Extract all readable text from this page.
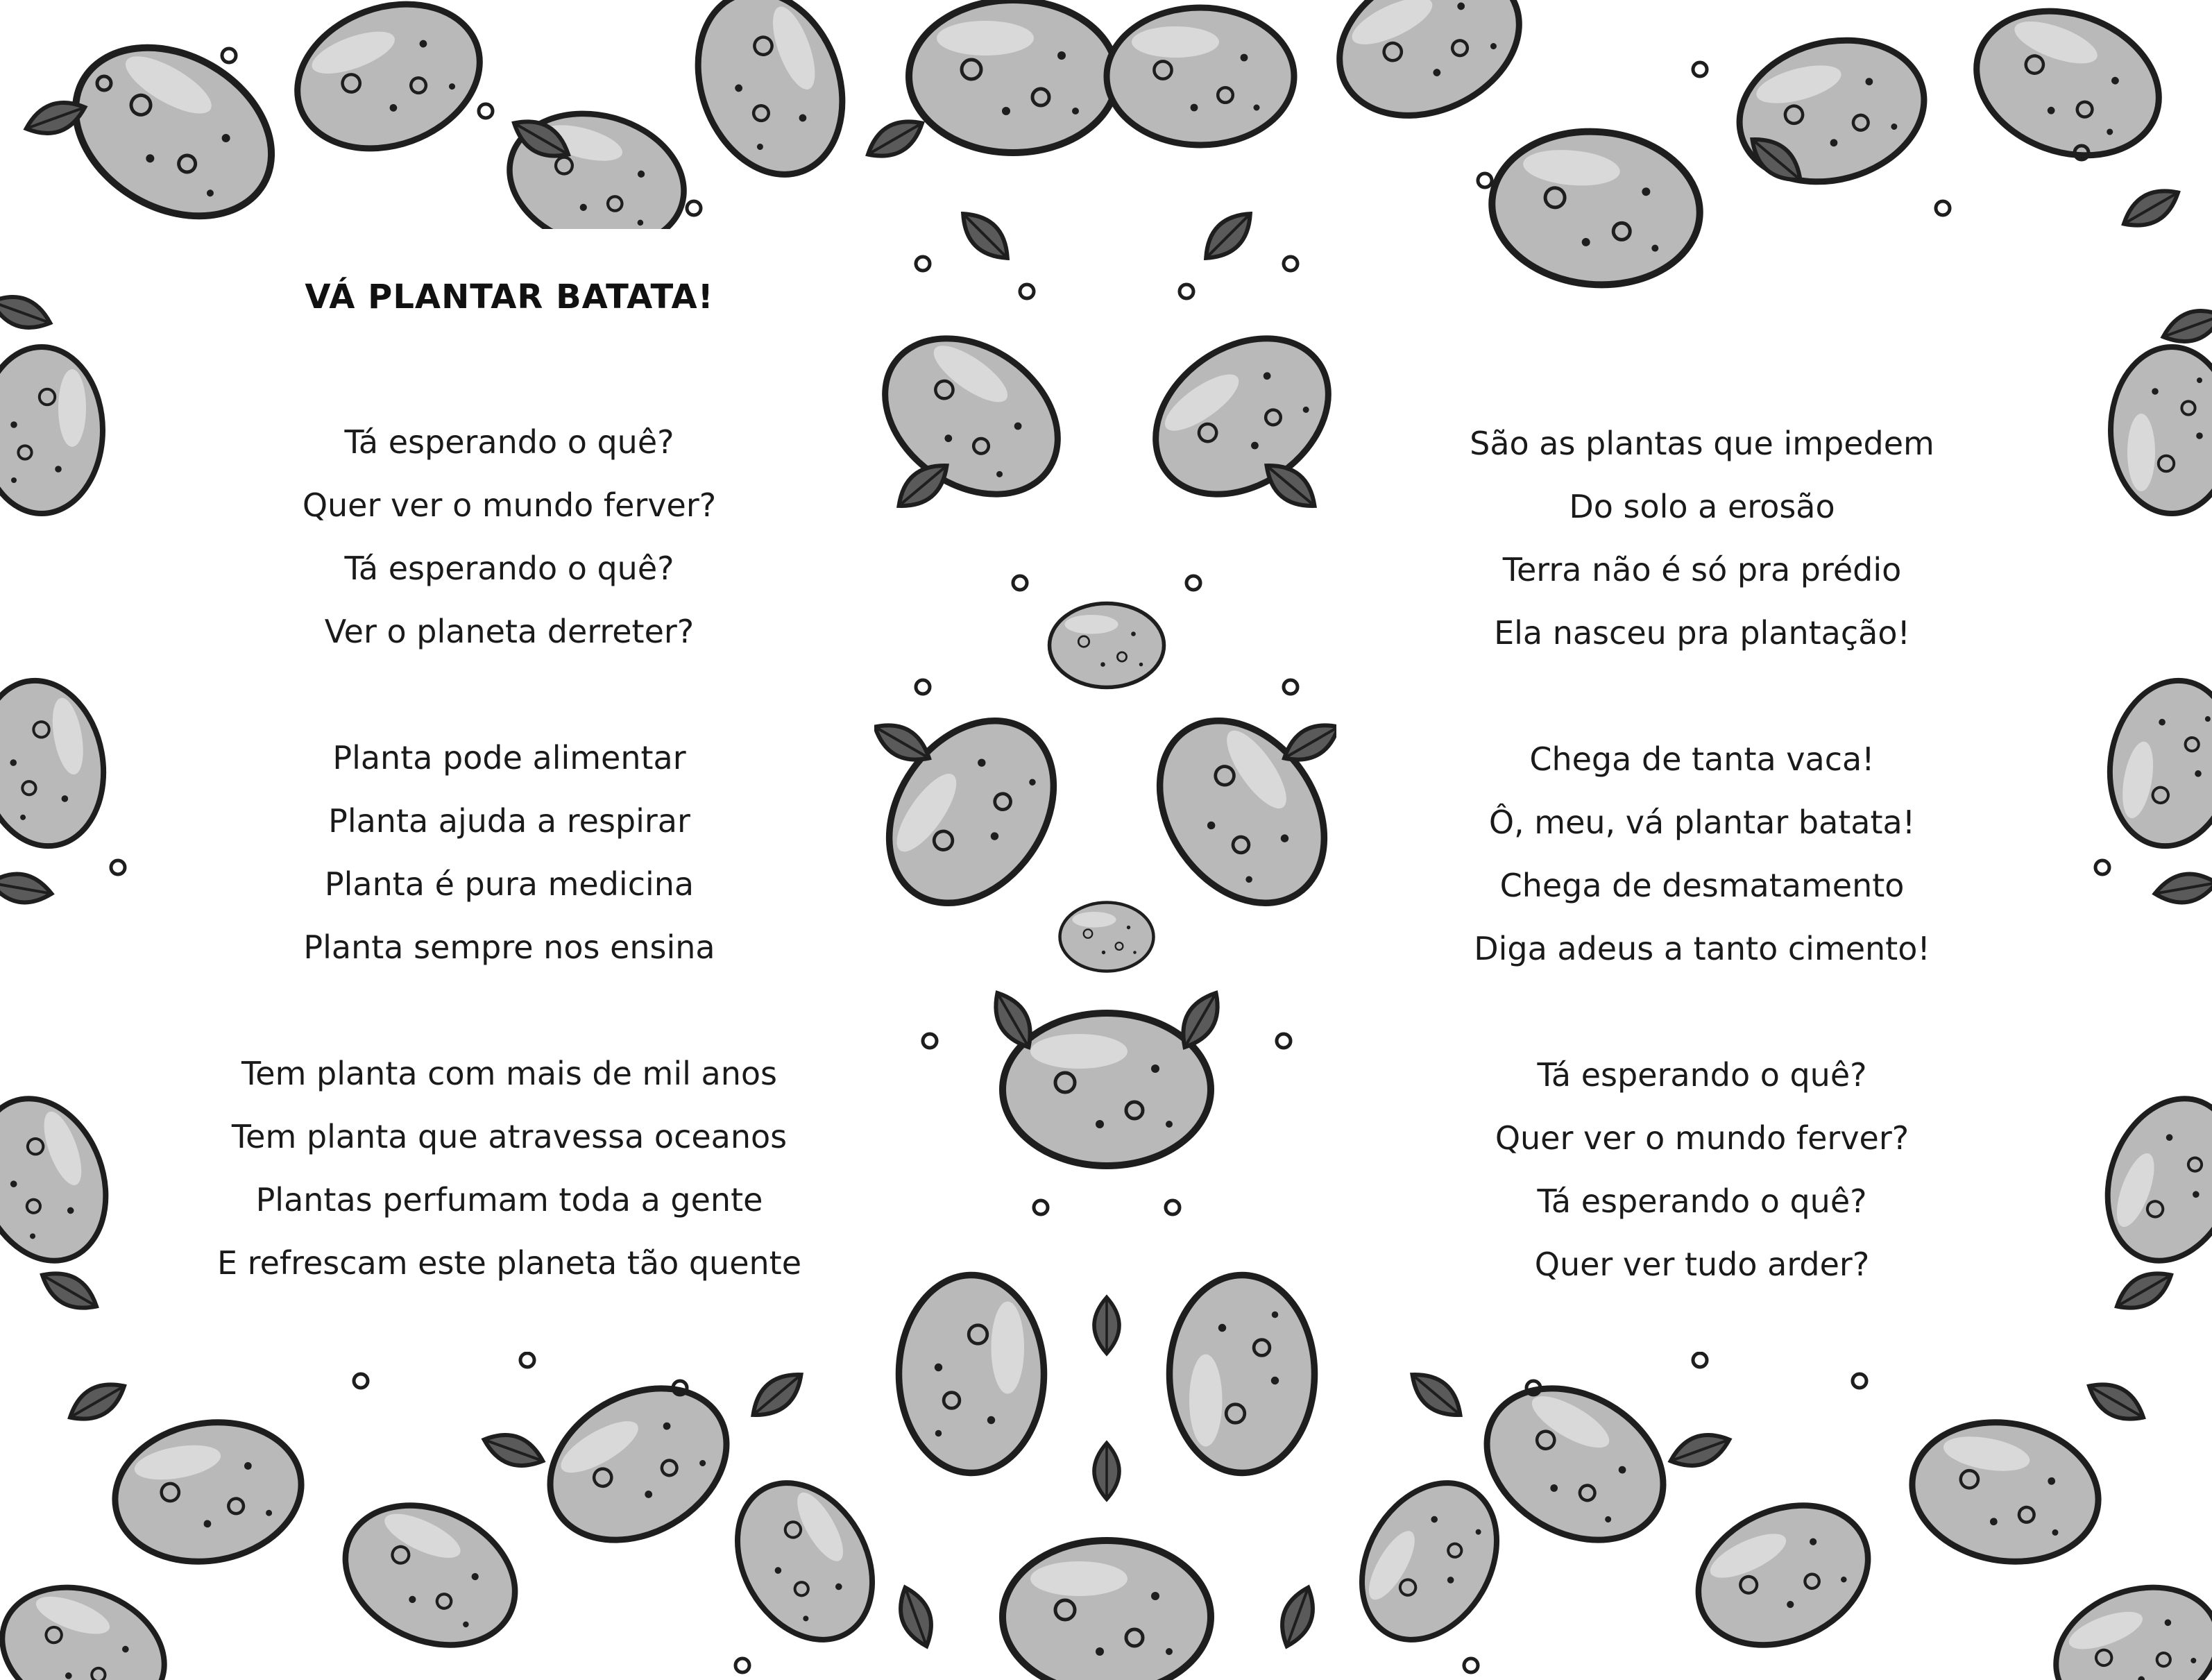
VÁ PLANTAR BATATA!
Tá esperando o quê?
Quer ver o mundo ferver?
Tá esperando o quê?
Ver o planeta derreter?
Planta pode alimentar
Planta ajuda a respirar
Planta é pura medicina
Planta sempre nos ensina
Tem planta com mais de mil anos
Tem planta que atravessa oceanos
Plantas perfumam toda a gente
E refrescam este planeta tão quente
São as plantas que impedem
Do solo a erosão
Terra não é só pra prédio
Ela nasceu pra plantação!
Chega de tanta vaca!
Ô, meu, vá plantar batata!
Chega de desmatamento
Diga adeus a tanto cimento!
Tá esperando o quê?
Quer ver o mundo ferver?
Tá esperando o quê?
Quer ver tudo arder?
